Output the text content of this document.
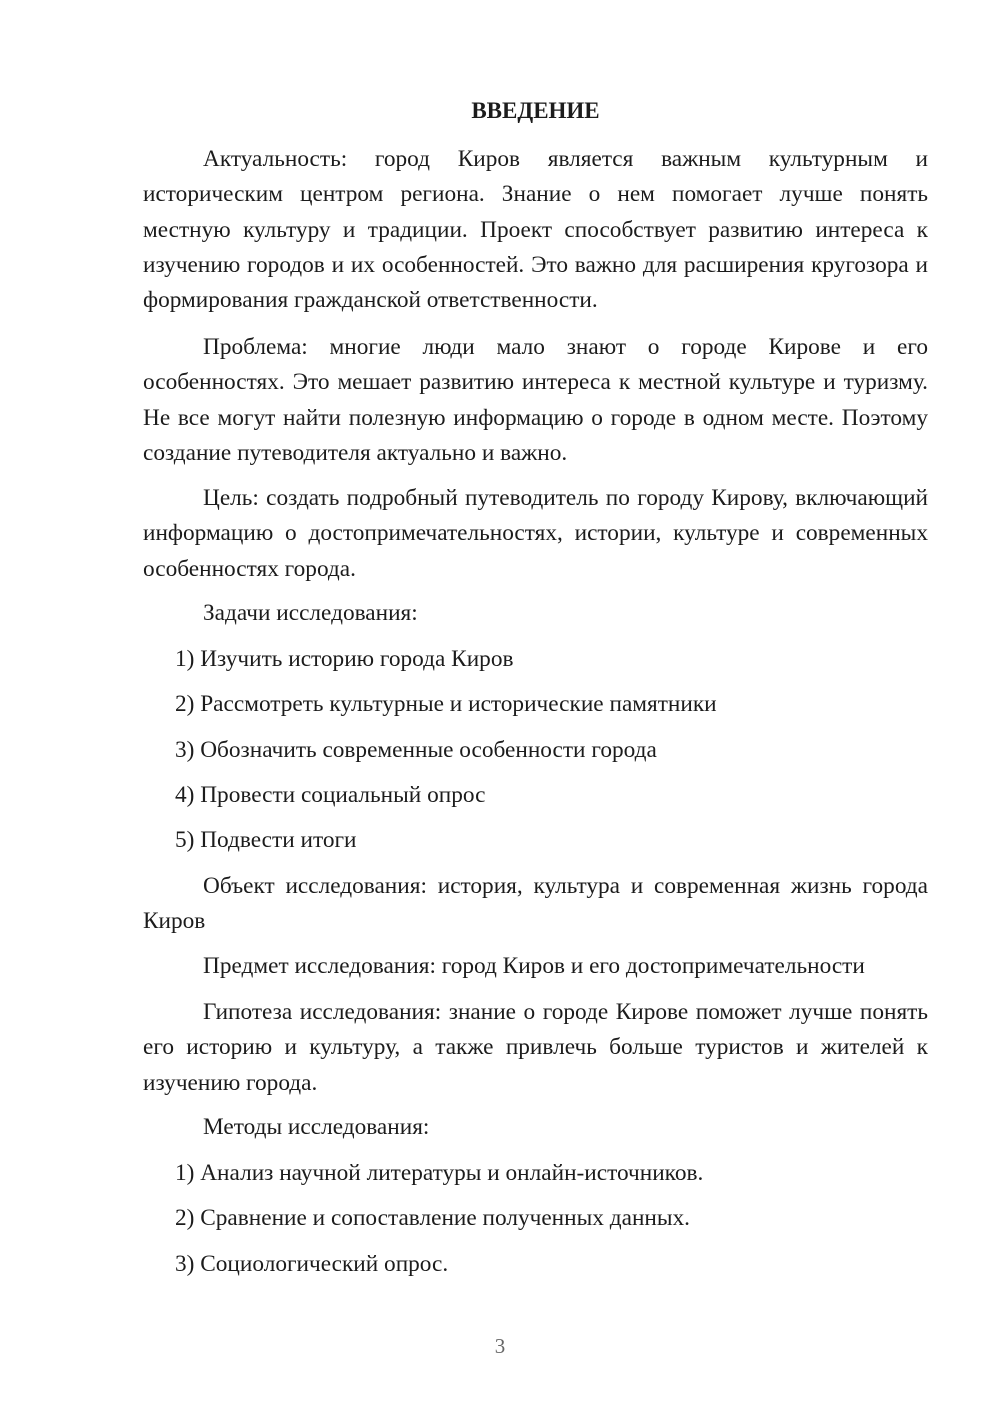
ВВЕДЕНИЕ

Актуальность: город Киров является важным культурным и историческим центром региона. Знание о нем помогает лучше понять местную культуру и традиции. Проект способствует развитию интереса к изучению городов и их особенностей. Это важно для расширения кругозора и формирования гражданской ответственности.

Проблема: многие люди мало знают о городе Кирове и его особенностях. Это мешает развитию интереса к местной культуре и туризму. Не все могут найти полезную информацию о городе в одном месте. Поэтому создание путеводителя актуально и важно.

Цель: создать подробный путеводитель по городу Кирову, включающий информацию о достопримечательностях, истории, культуре и современных особенностях города.

Задачи исследования:

1) Изучить историю города Киров

2) Рассмотреть культурные и исторические памятники

3) Обозначить современные особенности города

4) Провести социальный опрос

5) Подвести итоги

Объект исследования: история, культура и современная жизнь города Киров

Предмет исследования: город Киров и его достопримечательности

Гипотеза исследования: знание о городе Кирове поможет лучше понять его историю и культуру, а также привлечь больше туристов и жителей к изучению города.

Методы исследования:

1) Анализ научной литературы и онлайн-источников.

2) Сравнение и сопоставление полученных данных.

3) Социологический опрос.

3
